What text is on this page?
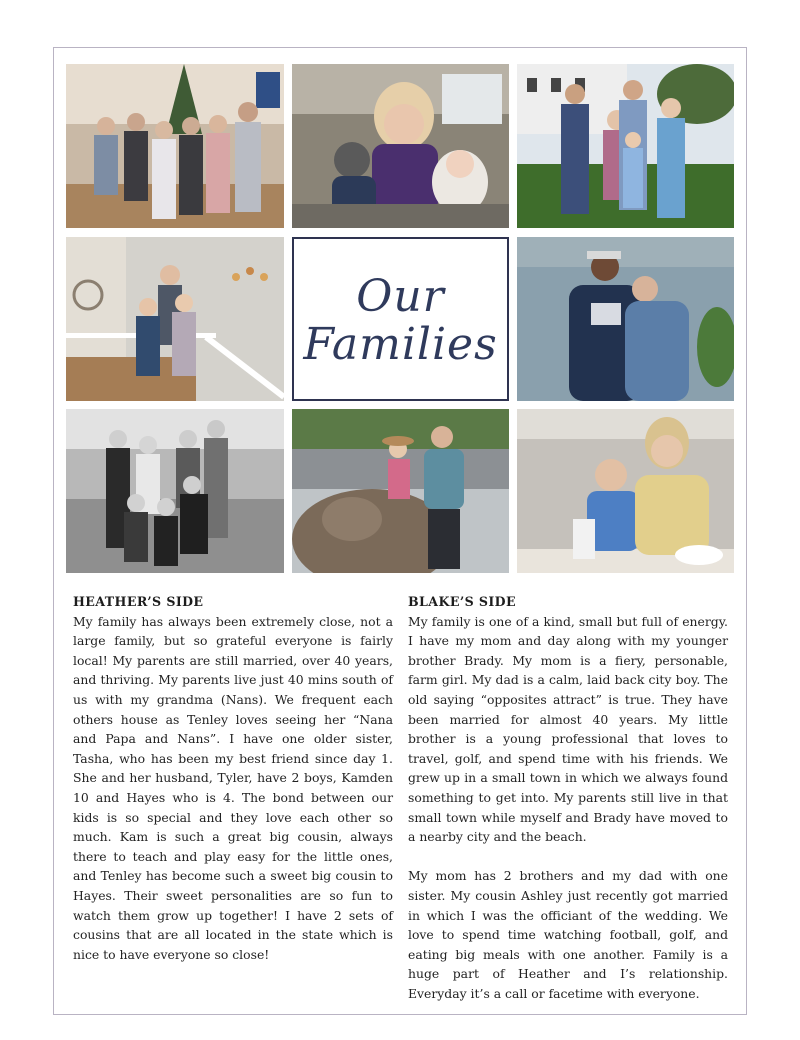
Our
Families
HEATHER’S SIDE

My family has always been extremely close, not a large family, but so grateful everyone is fairly local! My parents are still married, over 40 years, and thriving. My parents live just 40 mins south of us with my grandma (Nans). We frequent each others house as Tenley loves seeing her “Nana and Papa and Nans”. I have one older sister, Tasha, who has been my best friend since day 1. She and her husband, Tyler, have 2 boys, Kamden 10 and Hayes who is 4. The bond between our kids is so special and they love each other so much. Kam is such a great big cousin, always there to teach and play easy for the little ones, and Tenley has become such a sweet big cousin to Hayes. Their sweet personalities are so fun to watch them grow up together! I have 2 sets of cousins that are all located in the state which is nice to have everyone so close!

BLAKE’S SIDE

My family is one of a kind, small but full of energy. I have my mom and day along with my younger brother Brady. My mom is a fiery, personable, farm girl. My dad is a calm, laid back city boy. The old saying “opposites attract” is true. They have been married for almost 40 years. My little brother is a young professional that loves to travel, golf, and spend time with his friends. We grew up in a small town in which we always found something to get into. My parents still live in that small town while myself and Brady have moved to a nearby city and the beach.

My mom has 2 brothers and my dad with one sister. My cousin Ashley just recently got married in which I was the officiant of the wedding. We love to spend time watching football, golf, and eating big meals with one another. Family is a huge part of Heather and I’s relationship. Everyday it’s a call or facetime with everyone.
